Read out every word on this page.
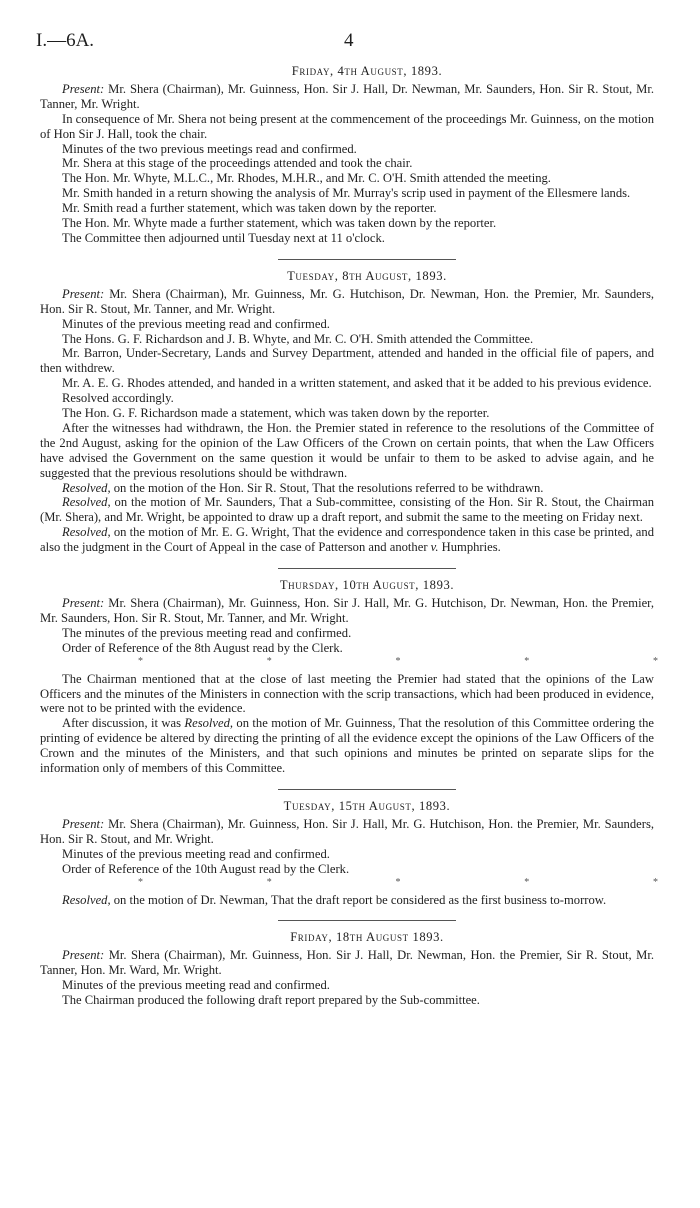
I.—6A.	4
Friday, 4th August, 1893.

Present: Mr. Shera (Chairman), Mr. Guinness, Hon. Sir J. Hall, Dr. Newman, Mr. Saunders, Hon. Sir R. Stout, Mr. Tanner, Mr. Wright.

In consequence of Mr. Shera not being present at the commencement of the proceedings Mr. Guinness, on the motion of Hon Sir J. Hall, took the chair.

Minutes of the two previous meetings read and confirmed.

Mr. Shera at this stage of the proceedings attended and took the chair.

The Hon. Mr. Whyte, M.L.C., Mr. Rhodes, M.H.R., and Mr. C. O'H. Smith attended the meeting.

Mr. Smith handed in a return showing the analysis of Mr. Murray's scrip used in payment of the Ellesmere lands.

Mr. Smith read a further statement, which was taken down by the reporter.

The Hon. Mr. Whyte made a further statement, which was taken down by the reporter.

The Committee then adjourned until Tuesday next at 11 o'clock.

Tuesday, 8th August, 1893.

Present: Mr. Shera (Chairman), Mr. Guinness, Mr. G. Hutchison, Dr. Newman, Hon. the Premier, Mr. Saunders, Hon. Sir R. Stout, Mr. Tanner, and Mr. Wright.

Minutes of the previous meeting read and confirmed.

The Hons. G. F. Richardson and J. B. Whyte, and Mr. C. O'H. Smith attended the Committee.

Mr. Barron, Under-Secretary, Lands and Survey Department, attended and handed in the official file of papers, and then withdrew.

Mr. A. E. G. Rhodes attended, and handed in a written statement, and asked that it be added to his previous evidence.

Resolved accordingly.

The Hon. G. F. Richardson made a statement, which was taken down by the reporter.

After the witnesses had withdrawn, the Hon. the Premier stated in reference to the resolutions of the Committee of the 2nd August, asking for the opinion of the Law Officers of the Crown on certain points, that when the Law Officers have advised the Government on the same question it would be unfair to them to be asked to advise again, and he suggested that the previous resolutions should be withdrawn.

Resolved, on the motion of the Hon. Sir R. Stout, That the resolutions referred to be withdrawn.

Resolved, on the motion of Mr. Saunders, That a Sub-committee, consisting of the Hon. Sir R. Stout, the Chairman (Mr. Shera), and Mr. Wright, be appointed to draw up a draft report, and submit the same to the meeting on Friday next.

Resolved, on the motion of Mr. E. G. Wright, That the evidence and correspondence taken in this case be printed, and also the judgment in the Court of Appeal in the case of Patterson and another v. Humphries.

Thursday, 10th August, 1893.

Present: Mr. Shera (Chairman), Mr. Guinness, Hon. Sir J. Hall, Mr. G. Hutchison, Dr. Newman, Hon. the Premier, Mr. Saunders, Hon. Sir R. Stout, Mr. Tanner, and Mr. Wright.

The minutes of the previous meeting read and confirmed.

Order of Reference of the 8th August read by the Clerk.

*	*	*	*	*

The Chairman mentioned that at the close of last meeting the Premier had stated that the opinions of the Law Officers and the minutes of the Ministers in connection with the scrip transactions, which had been produced in evidence, were not to be printed with the evidence.

After discussion, it was Resolved, on the motion of Mr. Guinness, That the resolution of this Committee ordering the printing of evidence be altered by directing the printing of all the evidence except the opinions of the Law Officers of the Crown and the minutes of the Ministers, and that such opinions and minutes be printed on separate slips for the information only of members of this Committee.

Tuesday, 15th August, 1893.

Present: Mr. Shera (Chairman), Mr. Guinness, Hon. Sir J. Hall, Mr. G. Hutchison, Hon. the Premier, Mr. Saunders, Hon. Sir R. Stout, and Mr. Wright.

Minutes of the previous meeting read and confirmed.

Order of Reference of the 10th August read by the Clerk.

*	*	*	*	*

Resolved, on the motion of Dr. Newman, That the draft report be considered as the first business to-morrow.

Friday, 18th August 1893.

Present: Mr. Shera (Chairman), Mr. Guinness, Hon. Sir J. Hall, Dr. Newman, Hon. the Premier, Sir R. Stout, Mr. Tanner, Hon. Mr. Ward, Mr. Wright.

Minutes of the previous meeting read and confirmed.

The Chairman produced the following draft report prepared by the Sub-committee.
